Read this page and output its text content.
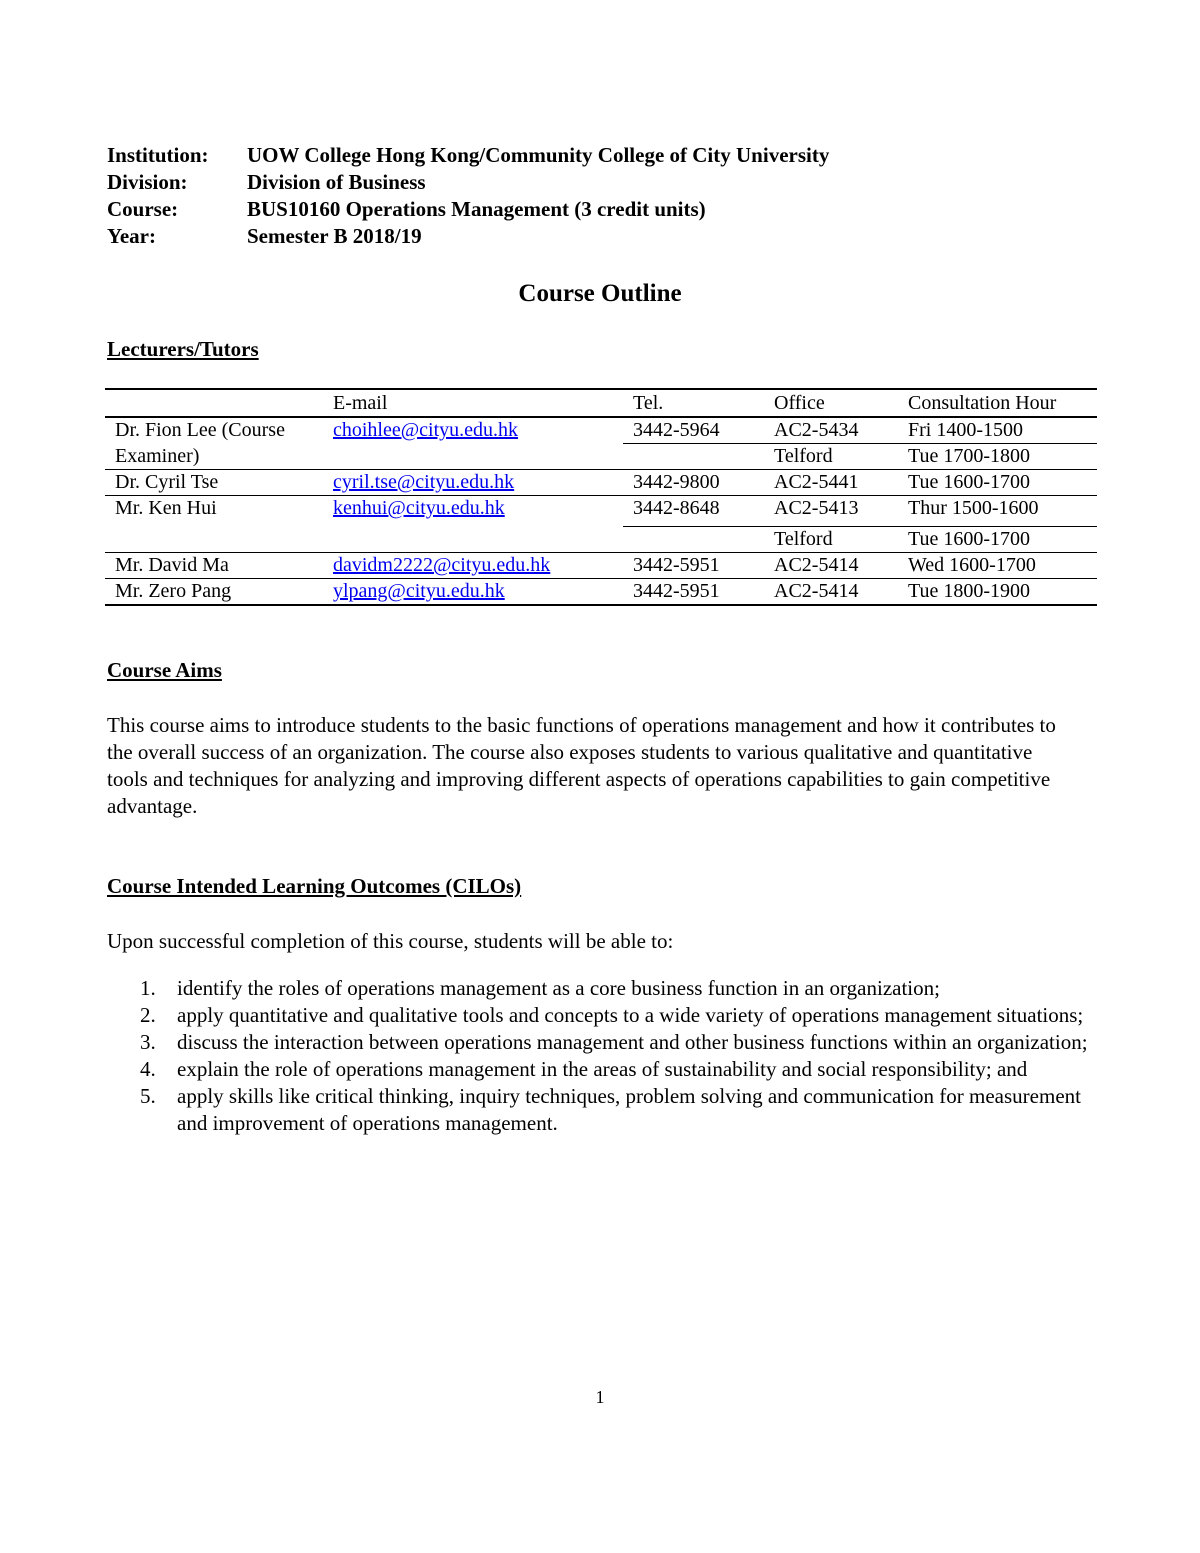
Institution:	UOW College Hong Kong/Community College of City University
Division:	Division of Business
Course:	BUS10160 Operations Management (3 credit units)
Year:	Semester B 2018/19
Course Outline
Lecturers/Tutors
	E-mail	Tel.	Office	Consultation Hour
Dr. Fion Lee (Course	choihlee@cityu.edu.hk	3442-5964	AC2-5434	Fri 1400-1500
Examiner)			Telford	Tue 1700-1800
Dr. Cyril Tse	cyril.tse@cityu.edu.hk	3442-9800	AC2-5441	Tue 1600-1700
Mr. Ken Hui	kenhui@cityu.edu.hk	3442-8648	AC2-5413	Thur 1500-1600
			Telford	Tue 1600-1700
Mr. David Ma	davidm2222@cityu.edu.hk	3442-5951	AC2-5414	Wed 1600-1700
Mr. Zero Pang	ylpang@cityu.edu.hk	3442-5951	AC2-5414	Tue 1800-1900
Course Aims
This course aims to introduce students to the basic functions of operations management and how it contributes to the overall success of an organization. The course also exposes students to various qualitative and quantitative tools and techniques for analyzing and improving different aspects of operations capabilities to gain competitive advantage.
Course Intended Learning Outcomes (CILOs)
Upon successful completion of this course, students will be able to:
1.	identify the roles of operations management as a core business function in an organization;
2.	apply quantitative and qualitative tools and concepts to a wide variety of operations management situations;
3.	discuss the interaction between operations management and other business functions within an organization;
4.	explain the role of operations management in the areas of sustainability and social responsibility; and
5.	apply skills like critical thinking, inquiry techniques, problem solving and communication for measurement and improvement of operations management.
1
